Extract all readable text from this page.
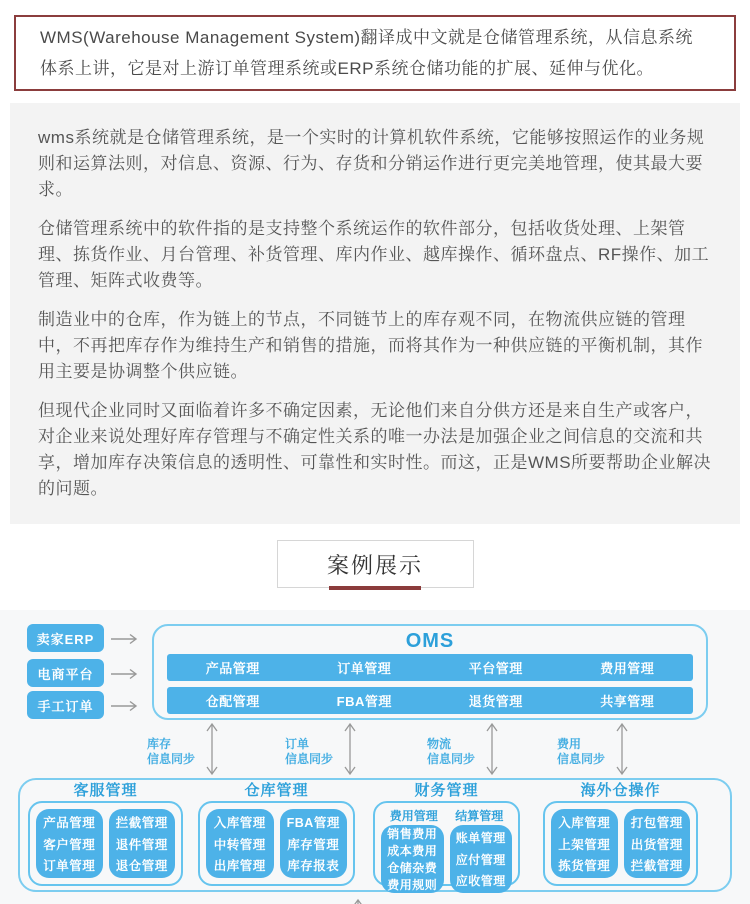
WMS(Warehouse Management System)翻译成中文就是仓储管理系统，从信息系统体系上讲，它是对上游订单管理系统或ERP系统仓储功能的扩展、延伸与优化。

wms系统就是仓储管理系统，是一个实时的计算机软件系统，它能够按照运作的业务规则和运算法则，对信息、资源、行为、存货和分销运作进行更完美地管理，使其最大要求。

仓储管理系统中的软件指的是支持整个系统运作的软件部分，包括收货处理、上架管理、拣货作业、月台管理、补货管理、库内作业、越库操作、循环盘点、RF操作、加工管理、矩阵式收费等。

制造业中的仓库，作为链上的节点，不同链节上的库存观不同，在物流供应链的管理中，不再把库存作为维持生产和销售的措施，而将其作为一种供应链的平衡机制，其作用主要是协调整个供应链。

但现代企业同时又面临着许多不确定因素，无论他们来自分供方还是来自生产或客户，对企业来说处理好库存管理与不确定性关系的唯一办法是加强企业之间信息的交流和共享，增加库存决策信息的透明性、可靠性和实时性。而这，正是WMS所要帮助企业解决的问题。

案例展示
卖家ERP
电商平台
手工订单
OMS
产品管理	订单管理	平台管理	费用管理
仓配管理	FBA管理	退货管理	共享管理
库存
信息同步
订单
信息同步
物流
信息同步
费用
信息同步
客服管理
产品管理
客户管理
订单管理
拦截管理
退件管理
退仓管理
仓库管理
入库管理
中转管理
出库管理
FBA管理
库存管理
库存报表
财务管理
费用管理	结算管理
销售费用
成本费用
仓储杂费
费用规则
账单管理
应付管理
应收管理
海外仓操作
入库管理
上架管理
拣货管理
打包管理
出货管理
拦截管理
